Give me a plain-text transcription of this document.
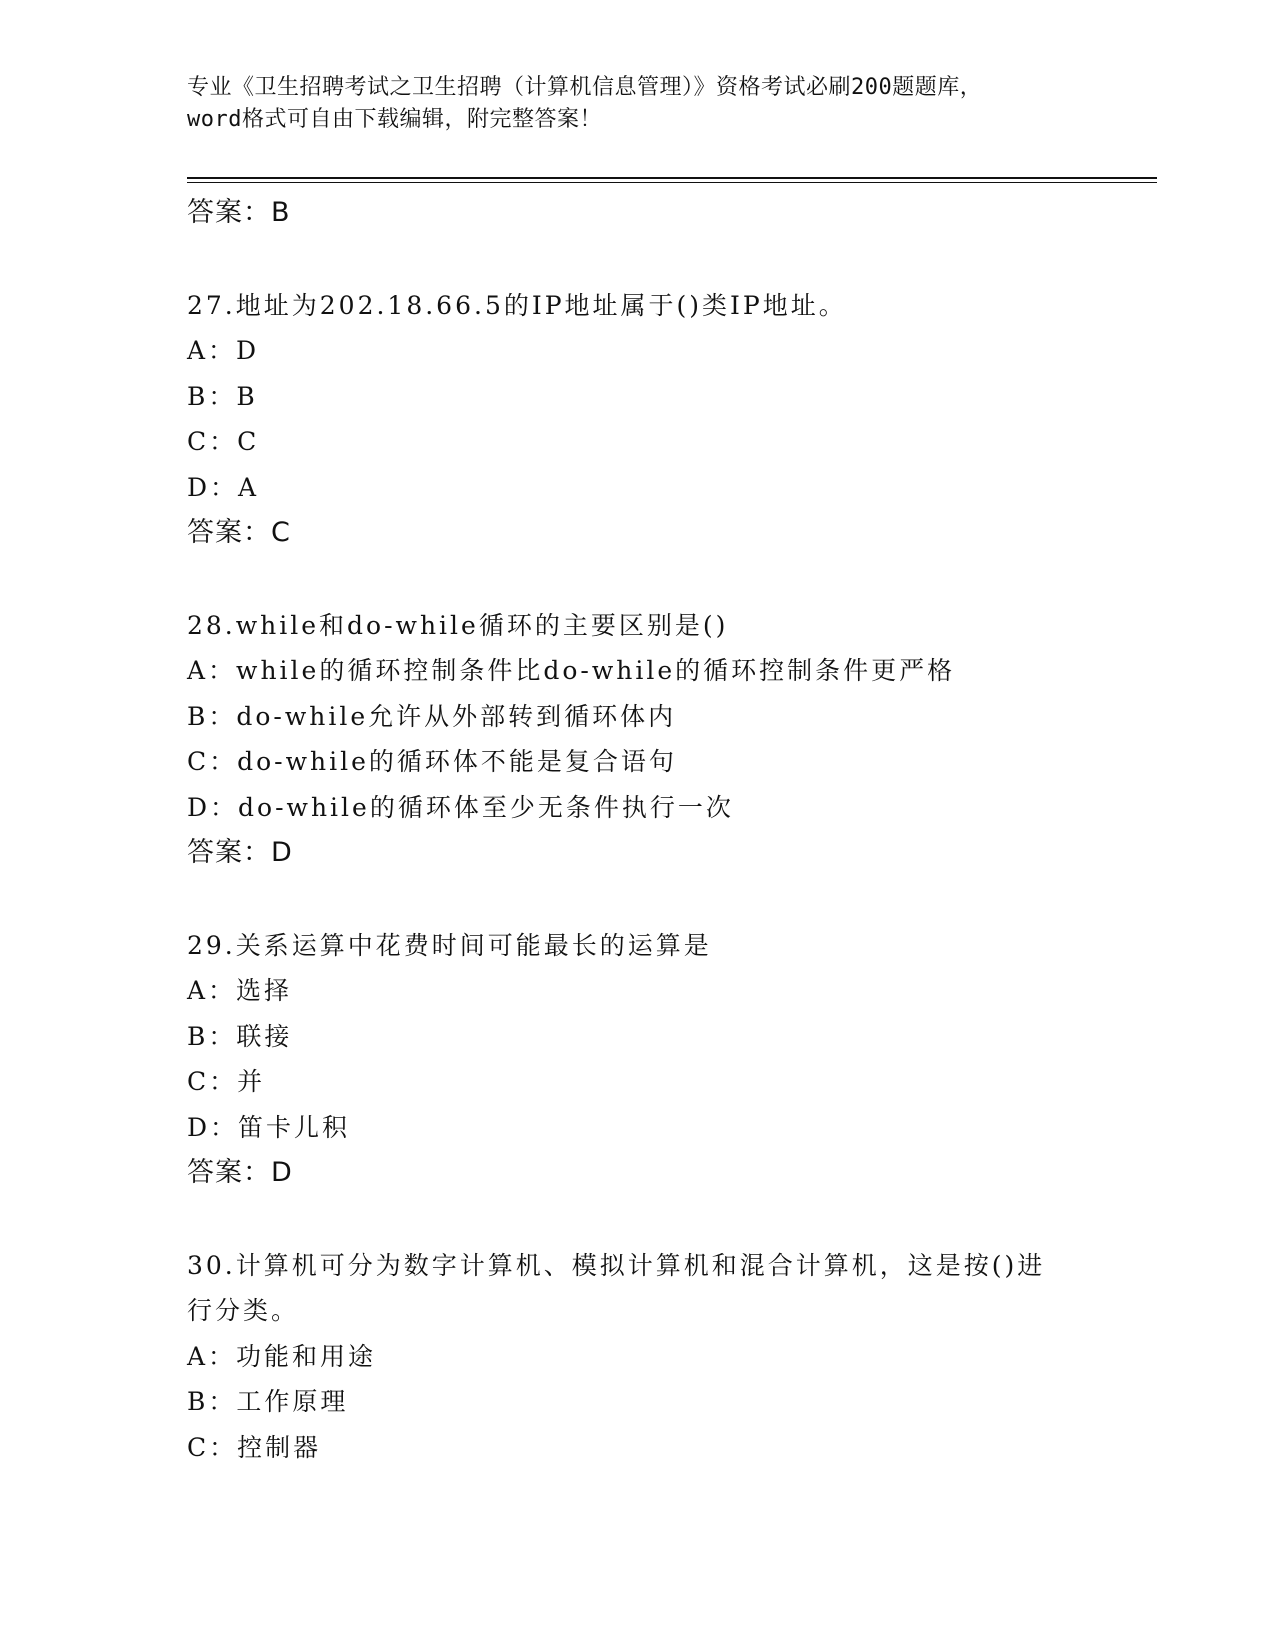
专业《卫生招聘考试之卫生招聘（计算机信息管理）》资格考试必刷200题题库，
word格式可自由下载编辑，附完整答案！
答案：B
27.地址为202.18.66.5的IP地址属于()类IP地址。
A：D
B：B
C：C
D：A
答案：C
28.while和do-while循环的主要区别是()
A：while的循环控制条件比do-while的循环控制条件更严格
B：do-while允许从外部转到循环体内
C：do-while的循环体不能是复合语句
D：do-while的循环体至少无条件执行一次
答案：D
29.关系运算中花费时间可能最长的运算是
A：选择
B：联接
C：并
D：笛卡儿积
答案：D
30.计算机可分为数字计算机、模拟计算机和混合计算机，这是按()进
行分类。
A：功能和用途
B：工作原理
C：控制器
